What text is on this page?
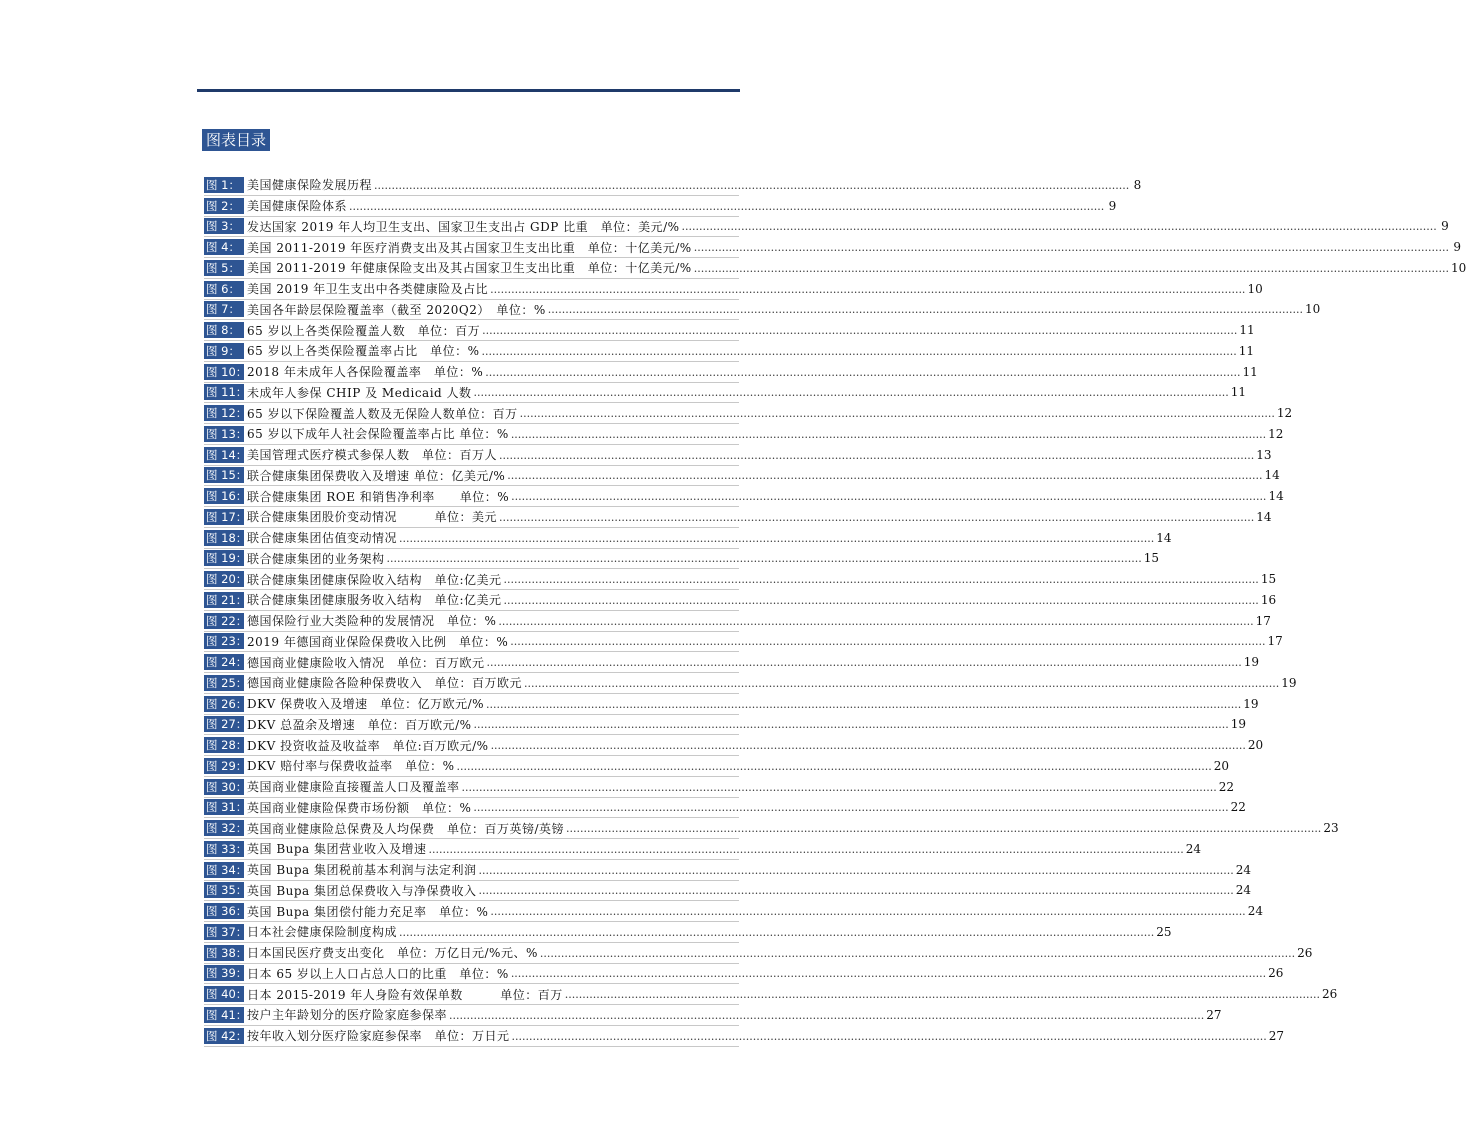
图表目录
图 1： 美国健康保险发展历程 .....	8
图 2： 美国健康保险体系 .....	9
图 3： 发达国家 2019 年人均卫生支出、国家卫生支出占 GDP 比重　单位：美元/% .....	9
图 4： 美国 2011-2019 年医疗消费支出及其占国家卫生支出比重　单位：十亿美元/% .....	9
图 5： 美国 2011-2019 年健康保险支出及其占国家卫生支出比重　单位：十亿美元/% .....	10
图 6： 美国 2019 年卫生支出中各类健康险及占比 .....	10
图 7： 美国各年龄层保险覆盖率（截至 2020Q2）　单位：% .....	10
图 8： 65 岁以上各类保险覆盖人数　单位：百万 .....	11
图 9： 65 岁以上各类保险覆盖率占比　单位：% .....	11
图 10： 2018 年未成年人各保险覆盖率　单位：% .....	11
图 11： 未成年人参保 CHIP 及 Medicaid 人数 .....	11
图 12： 65 岁以下保险覆盖人数及无保险人数单位：百万 .....	12
图 13： 65 岁以下成年人社会保险覆盖率占比 单位：% .....	12
图 14： 美国管理式医疗模式参保人数　单位：百万人 .....	13
图 15： 联合健康集团保费收入及增速 单位：亿美元/% .....	14
图 16： 联合健康集团 ROE 和销售净利率　　单位：% .....	14
图 17： 联合健康集团股价变动情况　　　单位：美元 .....	14
图 18： 联合健康集团估值变动情况 .....	14
图 19： 联合健康集团的业务架构 .....	15
图 20： 联合健康集团健康保险收入结构　单位:亿美元 .....	15
图 21： 联合健康集团健康服务收入结构　单位:亿美元 .....	16
图 22： 德国保险行业大类险种的发展情况　单位：% .....	17
图 23： 2019 年德国商业保险保费收入比例　单位：% .....	17
图 24： 德国商业健康险收入情况　单位：百万欧元 .....	19
图 25： 德国商业健康险各险种保费收入　单位：百万欧元 .....	19
图 26： DKV 保费收入及增速　单位：亿万欧元/% .....	19
图 27： DKV 总盈余及增速　单位：百万欧元/% .....	19
图 28： DKV 投资收益及收益率　单位:百万欧元/% .....	20
图 29： DKV 赔付率与保费收益率　单位：% .....	20
图 30： 英国商业健康险直接覆盖人口及覆盖率 .....	22
图 31： 英国商业健康险保费市场份额　单位：% .....	22
图 32： 英国商业健康险总保费及人均保费　单位：百万英镑/英镑 .....	23
图 33： 英国 Bupa 集团营业收入及增速 .....	24
图 34： 英国 Bupa 集团税前基本利润与法定利润 .....	24
图 35： 英国 Bupa 集团总保费收入与净保费收入 .....	24
图 36： 英国 Bupa 集团偿付能力充足率　单位：% .....	24
图 37： 日本社会健康保险制度构成 .....	25
图 38： 日本国民医疗费支出变化　单位：万亿日元/%元、% .....	26
图 39： 日本 65 岁以上人口占总人口的比重　单位：% .....	26
图 40： 日本 2015-2019 年人身险有效保单数　　　单位：百万 .....	26
图 41： 按户主年龄划分的医疗险家庭参保率 .....	27
图 42： 按年收入划分医疗险家庭参保率　单位：万日元 .....	27
